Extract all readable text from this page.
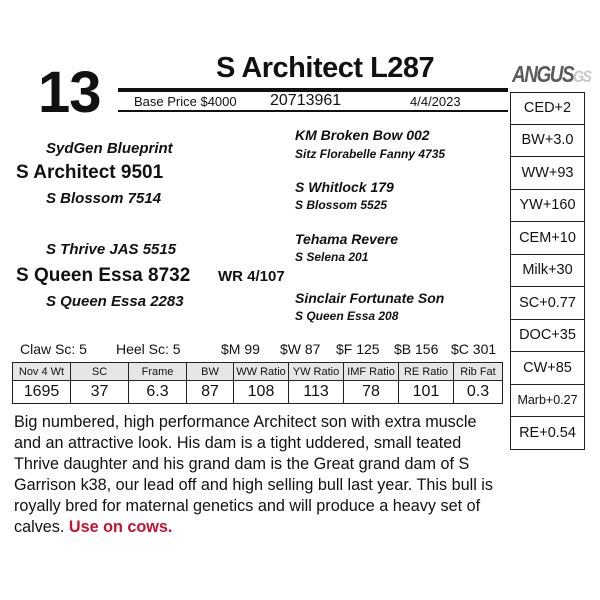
13	S Architect L287
Base Price $4000 20713961	4/4/2023
ANGUSGS
CED+2
BW+3.0
WW+93
YW+160
CEM+10
Milk+30
SC+0.77
DOC+35
CW+85
Marb+0.27
RE+0.54
SydGen Blueprint
S Architect 9501
S Blossom 7514
S Thrive JAS 5515
S Queen Essa 8732 WR 4/107
S Queen Essa 2283
KM Broken Bow 002
Sitz Florabelle Fanny 4735
S Whitlock 179
S Blossom 5525
Tehama Revere
S Selena 201
Sinclair Fortunate Son
S Queen Essa 208
Claw Sc: 5 Heel Sc: 5	$M 99 $W 87 $F 125 $B 156 $C 301
Nov 4 Wt	SC	Frame	BW	WW Ratio	YW Ratio	IMF Ratio	RE Ratio	Rib Fat
1695	37	6.3	87	108	113	78	101	0.3
Big numbered, high performance Architect son with extra muscle and an attractive look. His dam is a tight uddered, small teated Thrive daughter and his grand dam is the Great grand dam of S Garrison k38, our lead off and high selling bull last year. This bull is royally bred for maternal genetics and will produce a heavy set of calves. Use on cows.
